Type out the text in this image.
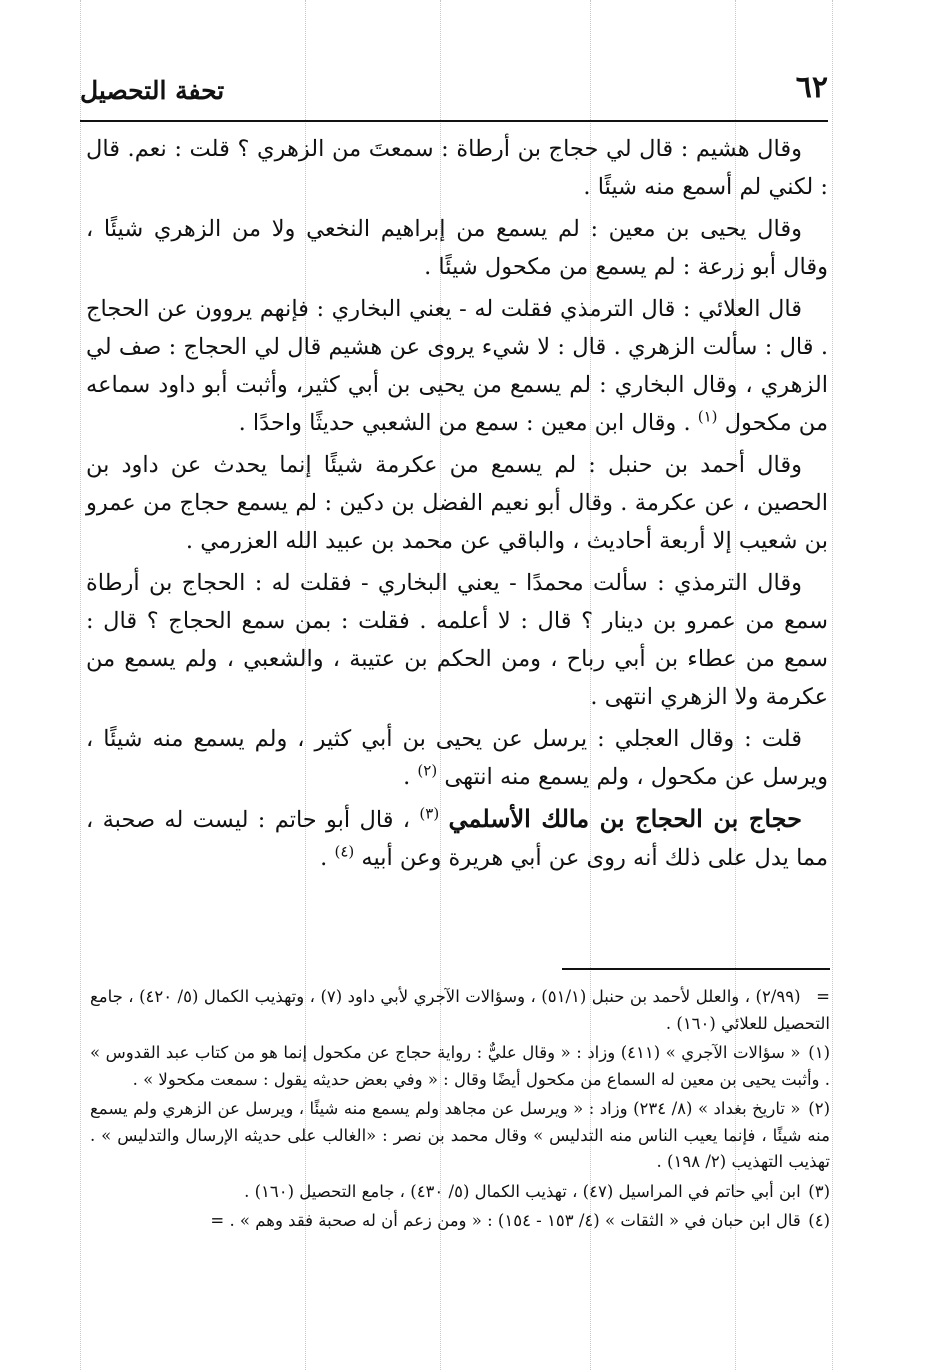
٦٢
تحفة التحصيل

وقال هشيم : قال لي حجاج بن أرطاة : سمعتَ من الزهري ؟ قلت : نعم. قال : لكني لم أسمع منه شيئًا .

وقال يحيى بن معين : لم يسمع من إبراهيم النخعي ولا من الزهري شيئًا ، وقال أبو زرعة : لم يسمع من مكحول شيئًا .

قال العلائي : قال الترمذي فقلت له - يعني البخاري : فإنهم يروون عن الحجاج . قال : سألت الزهري . قال : لا شيء يروى عن هشيم قال لي الحجاج : صف لي الزهري ، وقال البخاري : لم يسمع من يحيى بن أبي كثير، وأثبت أبو داود سماعه من مكحول $^{(١)}$ . وقال ابن معين : سمع من الشعبي حديثًا واحدًا .

وقال أحمد بن حنبل : لم يسمع من عكرمة شيئًا إنما يحدث عن داود بن الحصين ، عن عكرمة . وقال أبو نعيم الفضل بن دكين : لم يسمع حجاج من عمرو بن شعيب إلا أربعة أحاديث ، والباقي عن محمد بن عبيد الله العزرمي .

وقال الترمذي : سألت محمدًا - يعني البخاري - فقلت له : الحجاج بن أرطاة سمع من عمرو بن دينار ؟ قال : لا أعلمه . فقلت : بمن سمع الحجاج ؟ قال : سمع من عطاء بن أبي رباح ، ومن الحكم بن عتيبة ، والشعبي ، ولم يسمع من عكرمة ولا الزهري انتهى .

قلت : وقال العجلي : يرسل عن يحيى بن أبي كثير ، ولم يسمع منه شيئًا ، ويرسل عن مكحول ، ولم يسمع منه انتهى $^{(٢)}$ .

حجاج بن الحجاج بن مالك الأسلمي $^{(٣)}$ ، قال أبو حاتم : ليست له صحبة ، مما يدل على ذلك أنه روى عن أبي هريرة وعن أبيه $^{(٤)}$ .

= (٢/٩٩) ، والعلل لأحمد بن حنبل (٥١/١) ، وسؤالات الآجري لأبي داود (٧) ، وتهذيب الكمال (٥/ ٤٢٠) ، جامع التحصيل للعلائي (١٦٠) .

(١) « سؤالات الآجري » (٤١١) وزاد : « وقال عليٌّ : رواية حجاج عن مكحول إنما هو من كتاب عبد القدوس » . وأثبت يحيى بن معين له السماع من مكحول أيضًا وقال : « وفي بعض حديثه يقول : سمعت مكحولا » .

(٢) « تاريخ بغداد » (٨/ ٢٣٤) وزاد : « ويرسل عن مجاهد ولم يسمع منه شيئًا ، ويرسل عن الزهري ولم يسمع منه شيئًا ، فإنما يعيب الناس منه التدليس » وقال محمد بن نصر : «الغالب على حديثه الإرسال والتدليس » . تهذيب التهذيب (٢/ ١٩٨) .

(٣) ابن أبي حاتم في المراسيل (٤٧) ، تهذيب الكمال (٥/ ٤٣٠) ، جامع التحصيل (١٦٠) .

(٤) قال ابن حبان في « الثقات » (٤/ ١٥٣ - ١٥٤) : « ومن زعم أن له صحبة فقد وهم » . =
